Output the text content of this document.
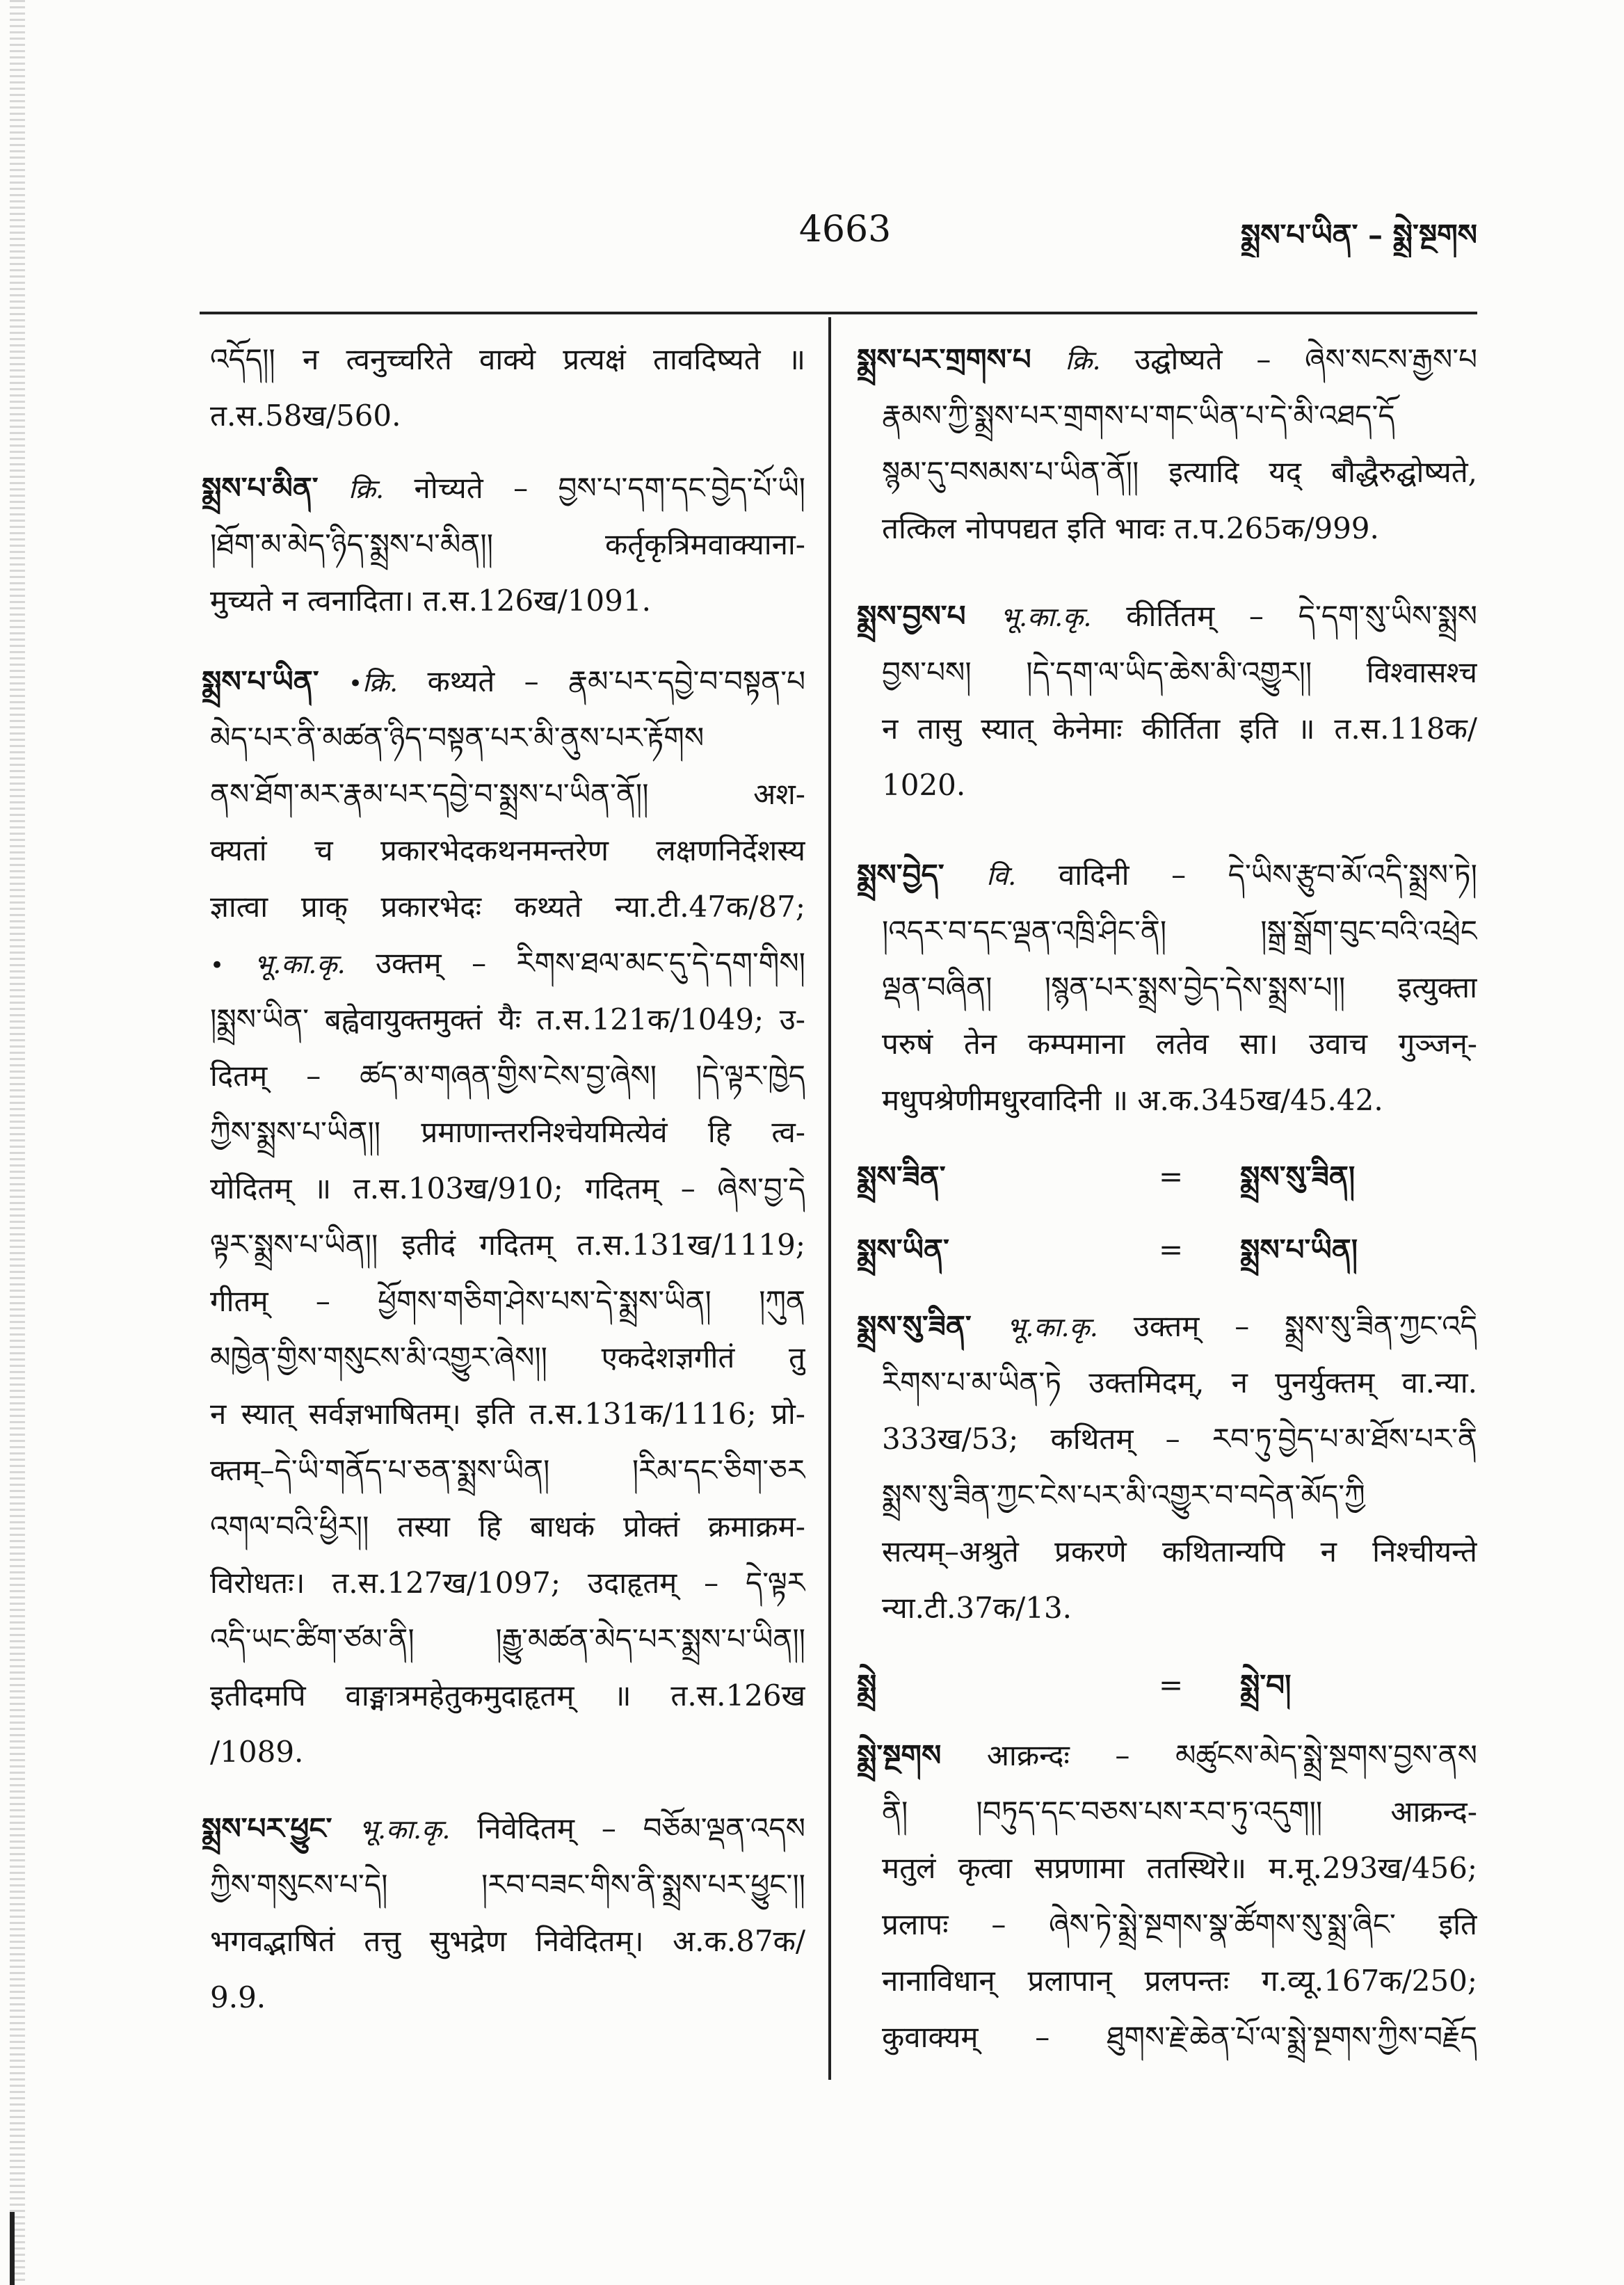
4663	སྨྲས་པ་ཡིན་ – སྨྲེ་སྔགས
འདོད།། न त्वनुच्चरिते वाक्ये प्रत्यक्षं तावदिष्यते ॥
त.स.58ख/560.
སྨྲས་པ་མིན་ क्रि. नोच्यते – བྱས་པ་དག་དང་བྱེད་པོ་ཡི།
།ཐོག་མ་མེད་ཉིད་སྨྲས་པ་མིན།། कर्तृकृत्रिमवाक्याना-
मुच्यते न त्वनादिता। त.स.126ख/1091.
སྨྲས་པ་ཡིན་ •क्रि. कथ्यते – རྣམ་པར་དབྱེ་བ་བསྟན་པ
མེད་པར་ནི་མཚན་ཉིད་བསྟན་པར་མི་ནུས་པར་རྟོགས
ནས་ཐོག་མར་རྣམ་པར་དབྱེ་བ་སྨྲས་པ་ཡིན་ནོ།། अश-
क्यतां च प्रकारभेदकथनमन्तरेण लक्षणनिर्देशस्य
ज्ञात्वा प्राक् प्रकारभेदः कथ्यते न्या.टी.47क/87;
• भू.का.कृ. उक्तम् – རིགས་ཐལ་མང་དུ་དེ་དག་གིས།
།སྨྲས་ཡིན་ बह्वेवायुक्तमुक्तं यैः त.स.121क/1049; उ-
दितम् – ཚད་མ་གཞན་གྱིས་ངེས་བྱ་ཞེས། །དེ་ལྟར་ཁྱེད
ཀྱིས་སྨྲས་པ་ཡིན།། प्रमाणान्तरनिश्चेयमित्येवं हि त्व-
योदितम् ॥ त.स.103ख/910; गदितम् – ཞེས་བྱ་དེ
ལྟར་སྨྲས་པ་ཡིན།། इतीदं गदितम् त.स.131ख/1119;
गीतम् – ཕྱོགས་གཅིག་ཤེས་པས་དེ་སྨྲས་ཡིན། །ཀུན
མཁྱེན་གྱིས་གསུངས་མི་འགྱུར་ཞེས།། एकदेशज्ञगीतं तु
न स्यात् सर्वज्ञभाषितम्। इति त.स.131क/1116; प्रो-
क्तम्–དེ་ཡི་གནོད་པ་ཅན་སྨྲས་ཡིན། །རིམ་དང་ཅིག་ཅར
འགལ་བའི་ཕྱིར།། तस्या हि बाधकं प्रोक्तं क्रमाक्रम-
विरोधतः। त.स.127ख/1097; उदाहृतम् – དེ་ལྟར
འདི་ཡང་ཚིག་ཙམ་ནི། །རྒྱུ་མཚན་མེད་པར་སྨྲས་པ་ཡིན།།
इतीदमपि वाङ्मात्रमहेतुकमुदाहृतम् ॥ त.स.126ख
/1089.
སྨྲས་པར་ཕྱུང་ भू.का.कृ. निवेदितम् – བཅོམ་ལྡན་འདས
ཀྱིས་གསུངས་པ་དེ། །རབ་བཟང་གིས་ནི་སྨྲས་པར་ཕྱུང་།།
भगवद्भाषितं तत्तु सुभद्रेण निवेदितम्। अ.क.87क/
9.9.
སྨྲས་པར་གྲགས་པ क्रि. उद्घोष्यते – ཞེས་སངས་རྒྱས་པ
རྣམས་ཀྱི་སྨྲས་པར་གྲགས་པ་གང་ཡིན་པ་དེ་མི་འཐད་དོ
སྙམ་དུ་བསམས་པ་ཡིན་ནོ།། इत्यादि यद् बौद्धैरुद्घोष्यते,
तत्किल नोपपद्यत इति भावः त.प.265क/999.
སྨྲས་བྱས་པ भू.का.कृ. कीर्तितम् – དེ་དག་སུ་ཡིས་སྨྲས
བྱས་པས། །དེ་དག་ལ་ཡིད་ཆེས་མི་འགྱུར།། विश्वासश्च
न तासु स्यात् केनेमाः कीर्तिता इति ॥ त.स.118क/
1020.
སྨྲས་བྱེད་ वि. वादिनी – དེ་ཡིས་རྩུབ་མོ་འདི་སྨྲས་ཏེ།
།འདར་བ་དང་ལྡན་འཁྲི་ཤིང་ནི། །སྒྲ་སྒྲོག་བུང་བའི་འཕྲེང
ལྡན་བཞིན། །སྙན་པར་སྨྲས་བྱེད་དེས་སྨྲས་པ།། इत्युक्ता
परुषं तेन कम्पमाना लतेव सा। उवाच गुञ्जन्-
मधुपश्रेणीमधुरवादिनी ॥ अ.क.345ख/45.42.
སྨྲས་ཟིན་	= སྨྲས་སུ་ཟིན།
སྨྲས་ཡིན་	= སྨྲས་པ་ཡིན།
སྨྲས་སུ་ཟིན་ भू.का.कृ. उक्तम् – སྨྲས་སུ་ཟིན་ཀྱང་འདི
རིགས་པ་མ་ཡིན་ཏེ उक्तमिदम्, न पुनर्युक्तम् वा.न्या.
333ख/53; कथितम् – རབ་ཏུ་བྱེད་པ་མ་ཐོས་པར་ནི
སྨྲས་སུ་ཟིན་ཀྱང་ངེས་པར་མི་འགྱུར་བ་བདེན་མོད་ཀྱི
सत्यम्–अश्रुते प्रकरणे कथितान्यपि न निश्चीयन्ते
न्या.टी.37क/13.
སྨྲེ	= སྨྲེ་བ།
སྨྲེ་སྔགས आक्रन्दः – མཚུངས་མེད་སྨྲེ་སྔགས་བྱས་ནས
ནི། །བཏུད་དང་བཅས་པས་རབ་ཏུ་འདུག།། आक्रन्द-
मतुलं कृत्वा सप्रणामा ततस्थिरे॥ म.मू.293ख/456;
प्रलापः – ཞེས་ཏེ་སྨྲེ་སྔགས་སྣ་ཚོགས་སུ་སྨྲ་ཞིང་ इति
नानाविधान् प्रलापान् प्रलपन्तः ग.व्यू.167क/250;
कुवाक्यम् – ཐུགས་རྗེ་ཆེན་པོ་ལ་སྨྲེ་སྔགས་ཀྱིས་བརྗོད
